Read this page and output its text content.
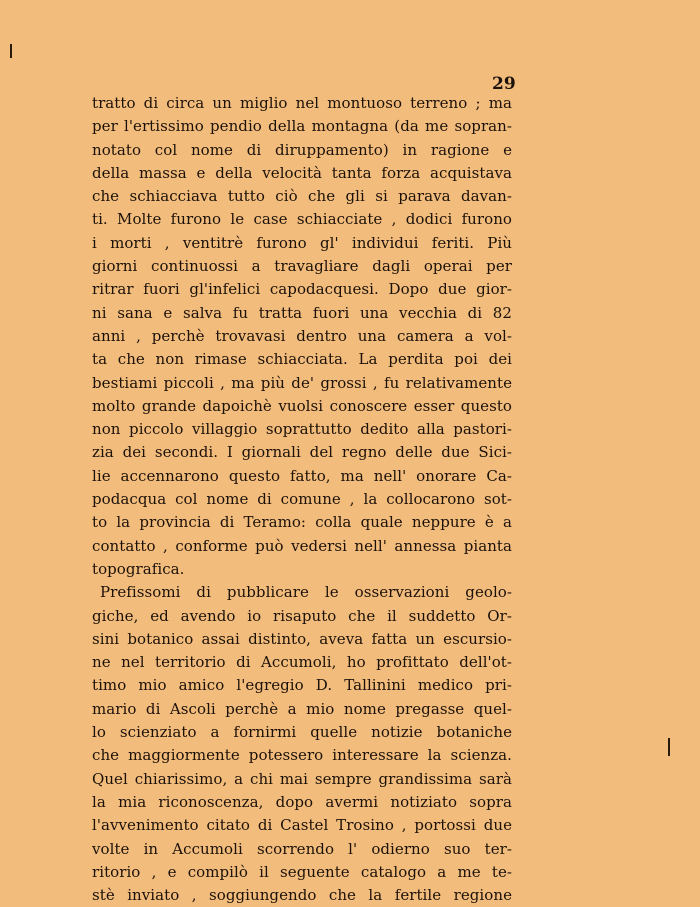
29
tratto di circa un miglio nel montuoso terreno ; ma
per l'ertissimo pendio della montagna (da me sopran-
notato col nome di diruppamento) in ragione e
della massa e della velocità tanta forza acquistava
che schiacciava tutto ciò che gli si parava davan-
ti. Molte furono le case schiacciate , dodici furono
i morti , ventitrè furono gl' individui feriti. Più
giorni continuossi a travagliare dagli operai per
ritrar fuori gl'infelici capodacquesi. Dopo due gior-
ni sana e salva fu tratta fuori una vecchia di 82
anni , perchè trovavasi dentro una camera a vol-
ta che non rimase schiacciata. La perdita poi dei
bestiami piccoli , ma più de' grossi , fu relativamente
molto grande dapoichè vuolsi conoscere esser questo
non piccolo villaggio soprattutto dedito alla pastori-
zia dei secondi. I giornali del regno delle due Sici-
lie accennarono questo fatto, ma nell' onorare Ca-
podacqua col nome di comune , la collocarono sot-
to la provincia di Teramo: colla quale neppure è a
contatto , conforme può vedersi nell' annessa pianta
topografica.
Prefissomi di pubblicare le osservazioni geolo-
giche, ed avendo io risaputo che il suddetto Or-
sini botanico assai distinto, aveva fatta un escursio-
ne nel territorio di Accumoli, ho profittato dell'ot-
timo mio amico l'egregio D. Tallinini medico pri-
mario di Ascoli perchè a mio nome pregasse quel-
lo scienziato a fornirmi quelle notizie botaniche
che maggiormente potessero interessare la scienza.
Quel chiarissimo, a chi mai sempre grandissima sarà
la mia riconoscenza, dopo avermi notiziato sopra
l'avvenimento citato di Castel Trosino , portossi due
volte in Accumoli scorrendo l' odierno suo ter-
ritorio , e compilò il seguente catalogo a me te-
stè inviato , soggiungendo che la fertile regione
